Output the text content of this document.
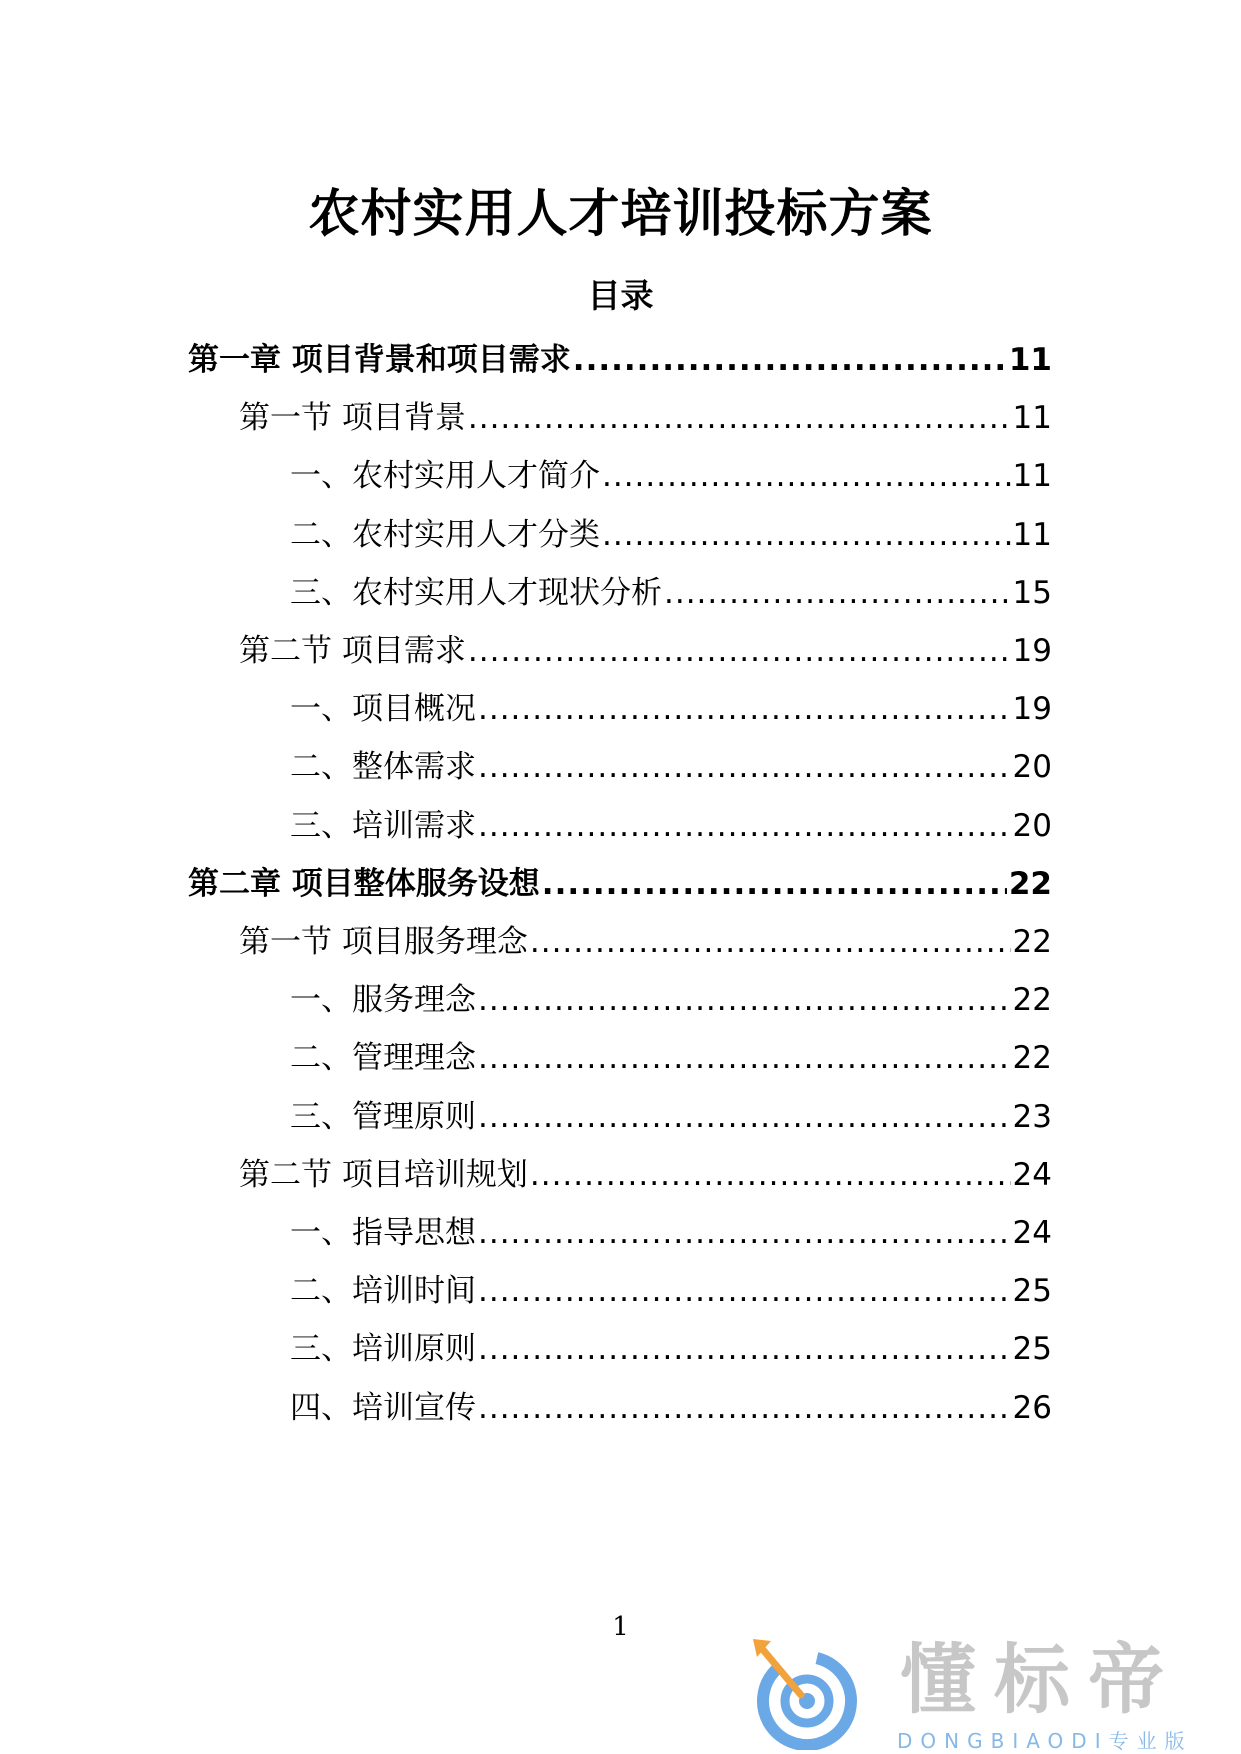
农村实用人才培训投标方案
目录
第一章 项目背景和项目需求 .....	11
第一节 项目背景 .....	11
一、农村实用人才简介 .....	11
二、农村实用人才分类 .....	11
三、农村实用人才现状分析 .....	15
第二节 项目需求 .....	19
一、项目概况 .....	19
二、整体需求 .....	20
三、培训需求 .....	20
第二章 项目整体服务设想 .....	22
第一节 项目服务理念 .....	22
一、服务理念 .....	22
二、管理理念 .....	22
三、管理原则 .....	23
第二节 项目培训规划 .....	24
一、指导思想 .....	24
二、培训时间 .....	25
三、培训原则 .....	25
四、培训宣传 .....	26
1
懂标帝
DONGBIAODI专业版
